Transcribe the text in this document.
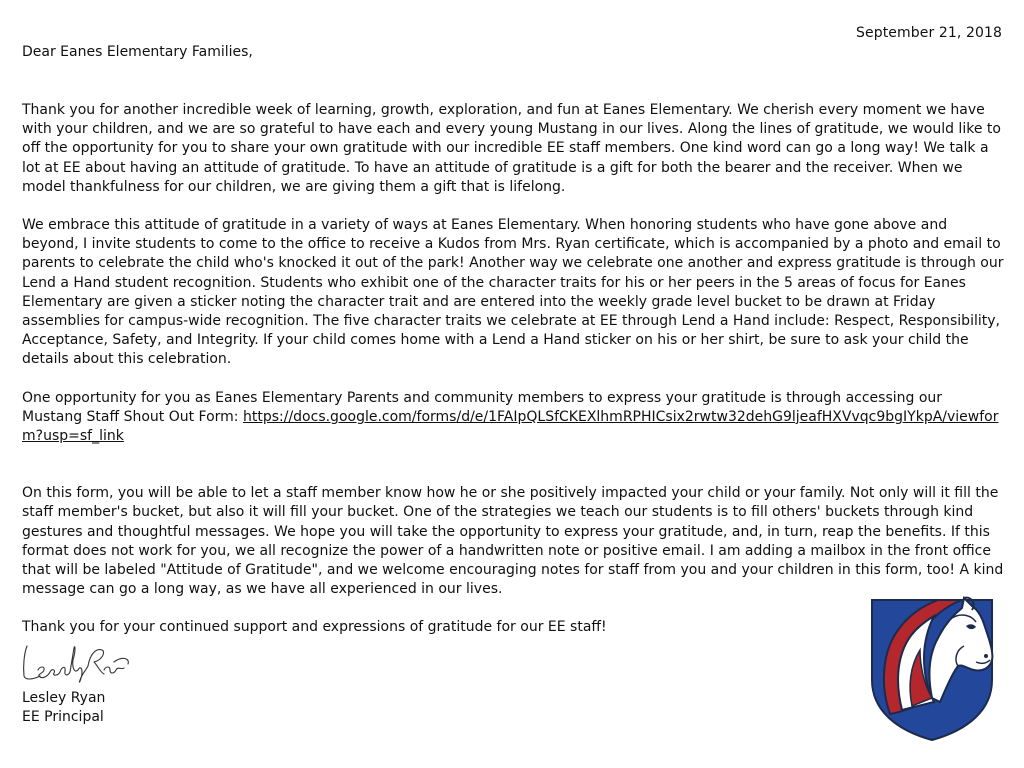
September 21, 2018
Dear Eanes Elementary Families,

Thank you for another incredible week of learning, growth, exploration, and fun at Eanes Elementary. We cherish every moment we have with your children, and we are so grateful to have each and every young Mustang in our lives. Along the lines of gratitude, we would like to off the opportunity for you to share your own gratitude with our incredible EE staff members. One kind word can go a long way! We talk a lot at EE about having an attitude of gratitude. To have an attitude of gratitude is a gift for both the bearer and the receiver. When we model thankfulness for our children, we are giving them a gift that is lifelong.

We embrace this attitude of gratitude in a variety of ways at Eanes Elementary. When honoring students who have gone above and beyond, I invite students to come to the office to receive a Kudos from Mrs. Ryan certificate, which is accompanied by a photo and email to parents to celebrate the child who's knocked it out of the park! Another way we celebrate one another and express gratitude is through our Lend a Hand student recognition. Students who exhibit one of the character traits for his or her peers in the 5 areas of focus for Eanes Elementary are given a sticker noting the character trait and are entered into the weekly grade level bucket to be drawn at Friday assemblies for campus-wide recognition. The five character traits we celebrate at EE through Lend a Hand include: Respect, Responsibility, Acceptance, Safety, and Integrity. If your child comes home with a Lend a Hand sticker on his or her shirt, be sure to ask your child the details about this celebration.

One opportunity for you as Eanes Elementary Parents and community members to express your gratitude is through accessing our Mustang Staff Shout Out Form: https://docs.google.com/forms/d/e/1FAIpQLSfCKEXlhmRPHICsix2rwtw32dehG9ljeafHXVvqc9bgIYkpA/viewform?usp=sf_link

On this form, you will be able to let a staff member know how he or she positively impacted your child or your family. Not only will it fill the staff member's bucket, but also it will fill your bucket. One of the strategies we teach our students is to fill others' buckets through kind gestures and thoughtful messages. We hope you will take the opportunity to express your gratitude, and, in turn, reap the benefits. If this format does not work for you, we all recognize the power of a handwritten note or positive email. I am adding a mailbox in the front office that will be labeled "Attitude of Gratitude", and we welcome encouraging notes for staff from you and your children in this form, too! A kind message can go a long way, as we have all experienced in our lives.

Thank you for your continued support and expressions of gratitude for our EE staff!

Lesley Ryan
EE Principal
